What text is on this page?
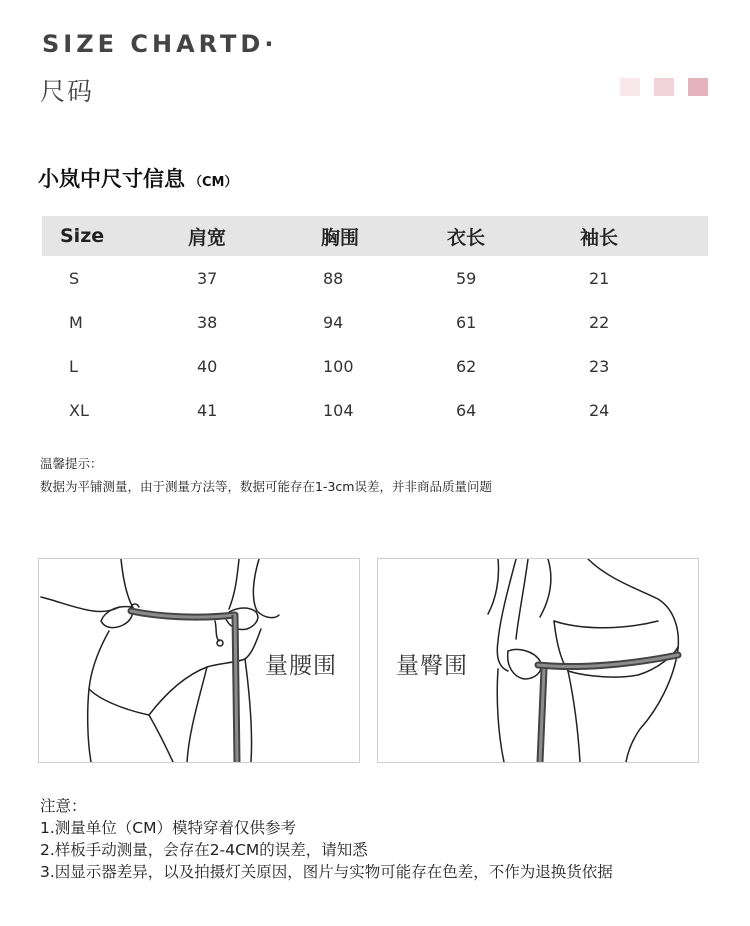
SIZE CHARTD·
尺码
小岚中尺寸信息 （CM）
Size	肩宽	胸围	衣长	袖长
S	37	88	59	21
M	38	94	61	22
L	40	100	62	23
XL	41	104	64	24
温馨提示：
数据为平铺测量，由于测量方法等，数据可能存在1-3cm误差，并非商品质量问题
量腰围	量臀围
注意：
1.测量单位（CM）模特穿着仅供参考
2.样板手动测量，会存在2-4CM的误差，请知悉
3.因显示器差异，以及拍摄灯关原因，图片与实物可能存在色差，不作为退换货依据
